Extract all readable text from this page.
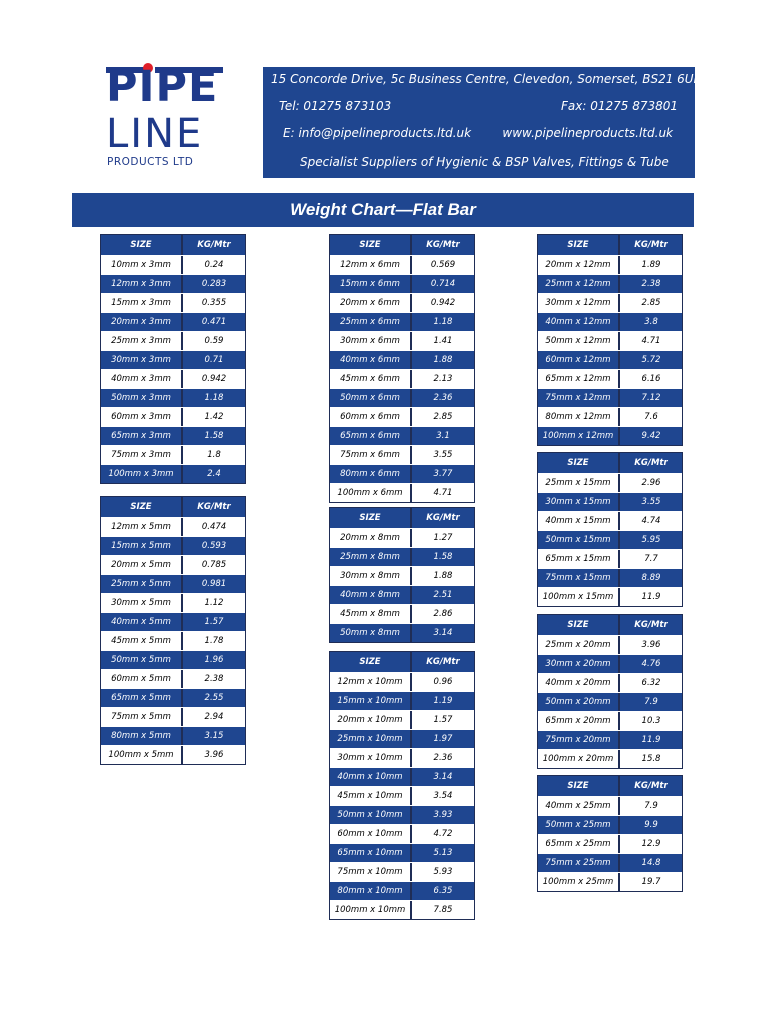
PIPE
LINE
PRODUCTS LTD
15 Concorde Drive, 5c Business Centre, Clevedon, Somerset, BS21 6UH.
Tel: 01275 873103	Fax: 01275 873801
E: info@pipelineproducts.ltd.uk	www.pipelineproducts.ltd.uk
Specialist Suppliers of Hygienic & BSP Valves, Fittings & Tube
Weight Chart—Flat Bar
SIZE	KG/Mtr
10mm x 3mm	0.24
12mm x 3mm	0.283
15mm x 3mm	0.355
20mm x 3mm	0.471
25mm x 3mm	0.59
30mm x 3mm	0.71
40mm x 3mm	0.942
50mm x 3mm	1.18
60mm x 3mm	1.42
65mm x 3mm	1.58
75mm x 3mm	1.8
100mm x 3mm	2.4
SIZE	KG/Mtr
12mm x 5mm	0.474
15mm x 5mm	0.593
20mm x 5mm	0.785
25mm x 5mm	0.981
30mm x 5mm	1.12
40mm x 5mm	1.57
45mm x 5mm	1.78
50mm x 5mm	1.96
60mm x 5mm	2.38
65mm x 5mm	2.55
75mm x 5mm	2.94
80mm x 5mm	3.15
100mm x 5mm	3.96
SIZE	KG/Mtr
12mm x 6mm	0.569
15mm x 6mm	0.714
20mm x 6mm	0.942
25mm x 6mm	1.18
30mm x 6mm	1.41
40mm x 6mm	1.88
45mm x 6mm	2.13
50mm x 6mm	2.36
60mm x 6mm	2.85
65mm x 6mm	3.1
75mm x 6mm	3.55
80mm x 6mm	3.77
100mm x 6mm	4.71
SIZE	KG/Mtr
20mm x 8mm	1.27
25mm x 8mm	1.58
30mm x 8mm	1.88
40mm x 8mm	2.51
45mm x 8mm	2.86
50mm x 8mm	3.14
SIZE	KG/Mtr
12mm x 10mm	0.96
15mm x 10mm	1.19
20mm x 10mm	1.57
25mm x 10mm	1.97
30mm x 10mm	2.36
40mm x 10mm	3.14
45mm x 10mm	3.54
50mm x 10mm	3.93
60mm x 10mm	4.72
65mm x 10mm	5.13
75mm x 10mm	5.93
80mm x 10mm	6.35
100mm x 10mm	7.85
SIZE	KG/Mtr
20mm x 12mm	1.89
25mm x 12mm	2.38
30mm x 12mm	2.85
40mm x 12mm	3.8
50mm x 12mm	4.71
60mm x 12mm	5.72
65mm x 12mm	6.16
75mm x 12mm	7.12
80mm x 12mm	7.6
100mm x 12mm	9.42
SIZE	KG/Mtr
25mm x 15mm	2.96
30mm x 15mm	3.55
40mm x 15mm	4.74
50mm x 15mm	5.95
65mm x 15mm	7.7
75mm x 15mm	8.89
100mm x 15mm	11.9
SIZE	KG/Mtr
25mm x 20mm	3.96
30mm x 20mm	4.76
40mm x 20mm	6.32
50mm x 20mm	7.9
65mm x 20mm	10.3
75mm x 20mm	11.9
100mm x 20mm	15.8
SIZE	KG/Mtr
40mm x 25mm	7.9
50mm x 25mm	9.9
65mm x 25mm	12.9
75mm x 25mm	14.8
100mm x 25mm	19.7
